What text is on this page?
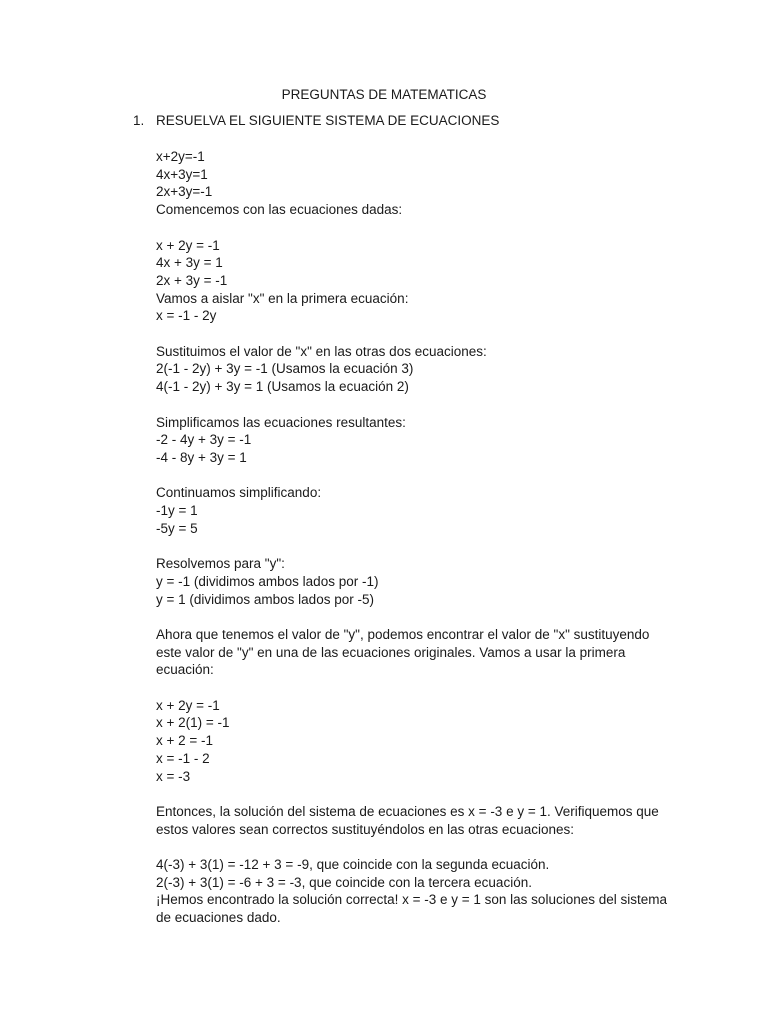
PREGUNTAS DE MATEMATICAS
1. RESUELVA EL SIGUIENTE SISTEMA DE ECUACIONES
x+2y=-1
4x+3y=1
2x+3y=-1
Comencemos con las ecuaciones dadas:
x + 2y = -1
4x + 3y = 1
2x + 3y = -1
Vamos a aislar "x" en la primera ecuación:
x = -1 - 2y
Sustituimos el valor de "x" en las otras dos ecuaciones:
2(-1 - 2y) + 3y = -1 (Usamos la ecuación 3)
4(-1 - 2y) + 3y = 1 (Usamos la ecuación 2)
Simplificamos las ecuaciones resultantes:
-2 - 4y + 3y = -1
-4 - 8y + 3y = 1
Continuamos simplificando:
-1y = 1
-5y = 5
Resolvemos para "y":
y = -1 (dividimos ambos lados por -1)
y = 1 (dividimos ambos lados por -5)
Ahora que tenemos el valor de "y", podemos encontrar el valor de "x" sustituyendo
este valor de "y" en una de las ecuaciones originales. Vamos a usar la primera
ecuación:
x + 2y = -1
x + 2(1) = -1
x + 2 = -1
x = -1 - 2
x = -3
Entonces, la solución del sistema de ecuaciones es x = -3 e y = 1. Verifiquemos que
estos valores sean correctos sustituyéndolos en las otras ecuaciones:
4(-3) + 3(1) = -12 + 3 = -9, que coincide con la segunda ecuación.
2(-3) + 3(1) = -6 + 3 = -3, que coincide con la tercera ecuación.
¡Hemos encontrado la solución correcta! x = -3 e y = 1 son las soluciones del sistema
de ecuaciones dado.
